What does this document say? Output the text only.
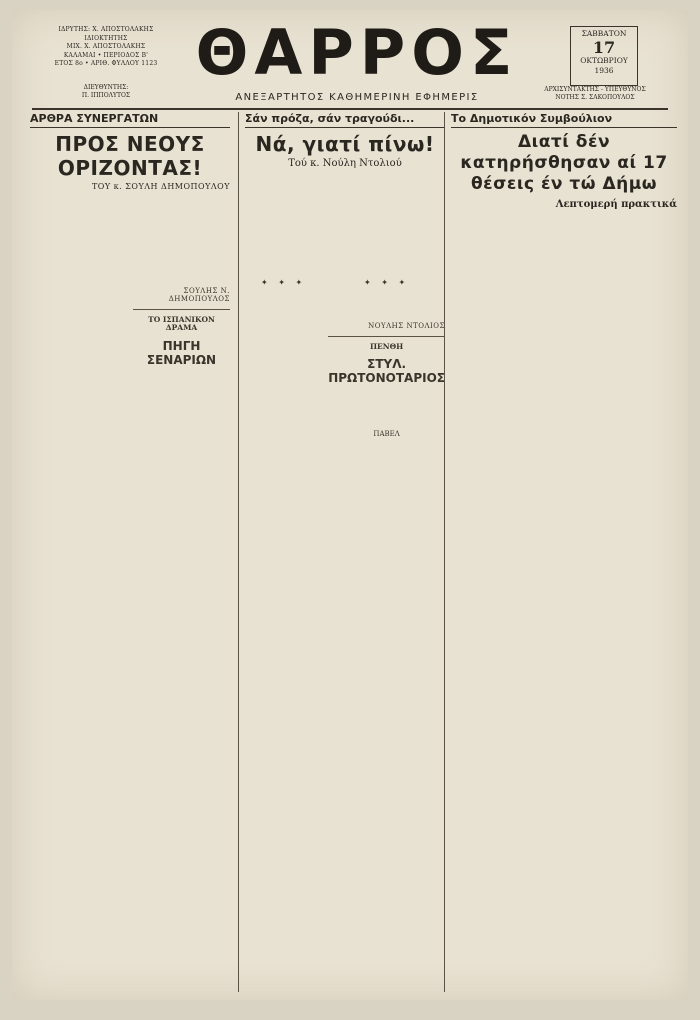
ΙΔΡΥΤΗΣ: Χ. ΑΠΟΣΤΟΛΑΚΗΣ
ΙΔΙΟΚΤΗΤΗΣ
ΜΙΧ. Χ. ΑΠΟΣΤΟΛΑΚΗΣ
ΚΑΛΑΜΑΙ • ΠΕΡΙΟΔΟΣ Β'
ΕΤΟΣ 8ο • ΑΡΙΘ. ΦΥΛΛΟΥ 1123 ΘΑΡΡΟΣ	ΣΑΒΒΑΤΟΝ
17
ΟΚΤΩΒΡΙΟΥ
1936
ΔΙΕΥΘΥΝΤΗΣ:
Π. ΙΠΠΟΛΥΤΟΣ	ΑΝΕΞΑΡΤΗΤΟΣ ΚΑΘΗΜΕΡΙΝΗ ΕΦΗΜΕΡΙΣ
ΑΡΧΙΣΥΝΤΑΚΤΗΣ - ΥΠΕΥΘΥΝΟΣ
ΝΟΤΗΣ Σ. ΣΑΚΟΠΟΥΛΟΣ
ΑΡΘΡΑ ΣΥΝΕΡΓΑΤΩΝ
ΠΡΟΣ ΝΕΟΥΣ ΟΡΙΖΟΝΤΑΣ!
ΤΟΥ κ. ΣΟΥΛΗ ΔΗΜΟΠΟΥΛΟΥ

ΣΟΥΛΗΣ Ν. ΔΗΜΟΠΟΥΛΟΣ
ΤΟ ΙΣΠΑΝΙΚΟΝ ΔΡΑΜΑ
ΠΗΓΗ ΣΕΝΑΡΙΩΝ

Σάν πρόζα, σάν τραγούδι...
Νά, γιατί πίνω!
Τού κ. Νούλη Ντολιού

✦ ✦ ✦

	✦ ✦ ✦

ΝΟΥΛΗΣ ΝΤΟΛΙΟΣ
ΠΕΝΘΗ
ΣΤΥΛ. ΠΡΩΤΟΝΟΤΑΡΙΟΣ

ΠΑΒΕΛ
Το Δημοτικόν Συμβούλιον
Διατί δέν κατηρήσθησαν αί 17 θέσεις έν τώ Δήμω
Λεπτομερή πρακτικά
